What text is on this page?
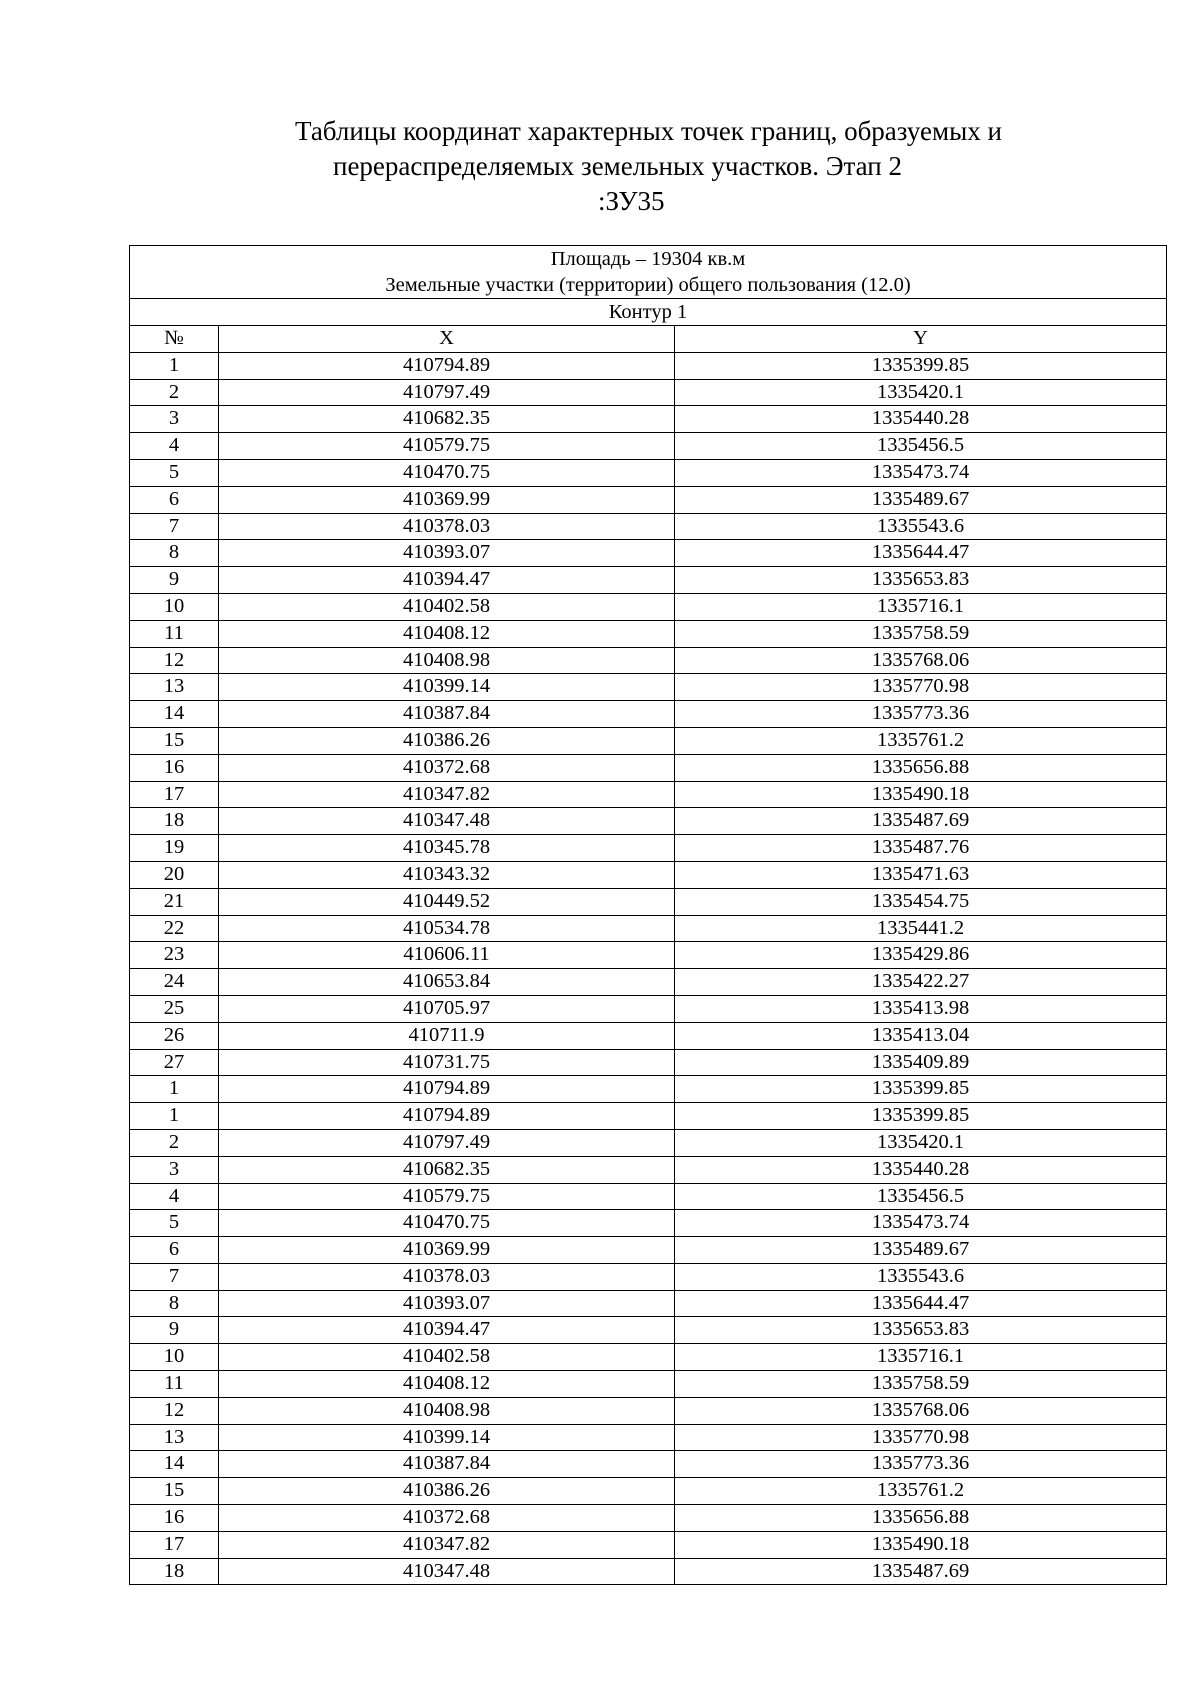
Таблицы координат характерных точек границ, образуемых и
перераспределяемых земельных участков. Этап 2
:ЗУ35
Площадь – 19304 кв.м		
Земельные участки (территории) общего пользования (12.0)		
Контур 1		
№	X	Y
1	410794.89	1335399.85
2	410797.49	1335420.1
3	410682.35	1335440.28
4	410579.75	1335456.5
5	410470.75	1335473.74
6	410369.99	1335489.67
7	410378.03	1335543.6
8	410393.07	1335644.47
9	410394.47	1335653.83
10	410402.58	1335716.1
11	410408.12	1335758.59
12	410408.98	1335768.06
13	410399.14	1335770.98
14	410387.84	1335773.36
15	410386.26	1335761.2
16	410372.68	1335656.88
17	410347.82	1335490.18
18	410347.48	1335487.69
19	410345.78	1335487.76
20	410343.32	1335471.63
21	410449.52	1335454.75
22	410534.78	1335441.2
23	410606.11	1335429.86
24	410653.84	1335422.27
25	410705.97	1335413.98
26	410711.9	1335413.04
27	410731.75	1335409.89
1	410794.89	1335399.85
1	410794.89	1335399.85
2	410797.49	1335420.1
3	410682.35	1335440.28
4	410579.75	1335456.5
5	410470.75	1335473.74
6	410369.99	1335489.67
7	410378.03	1335543.6
8	410393.07	1335644.47
9	410394.47	1335653.83
10	410402.58	1335716.1
11	410408.12	1335758.59
12	410408.98	1335768.06
13	410399.14	1335770.98
14	410387.84	1335773.36
15	410386.26	1335761.2
16	410372.68	1335656.88
17	410347.82	1335490.18
18	410347.48	1335487.69
